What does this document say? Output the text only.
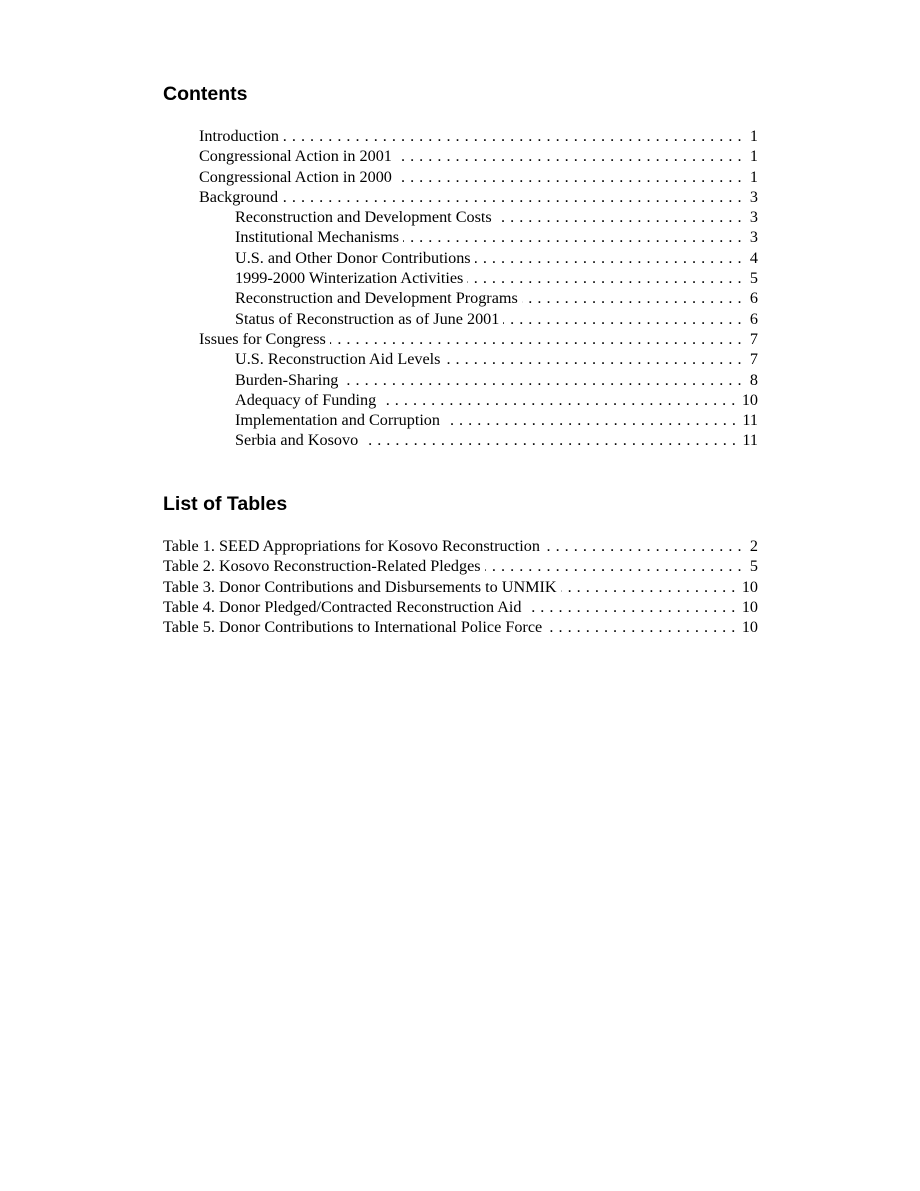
Contents
Introduction . . .	1
Congressional Action in 2001 . . .	1
Congressional Action in 2000 . . .	1
Background . . .	3
Reconstruction and Development Costs . . .	3
Institutional Mechanisms . . .	3
U.S. and Other Donor Contributions . . .	4
1999-2000 Winterization Activities . . .	5
Reconstruction and Development Programs . . .	6
Status of Reconstruction as of June 2001 . . .	6
Issues for Congress . . .	7
U.S. Reconstruction Aid Levels . . .	7
Burden-Sharing . . .	8
Adequacy of Funding . . .	10
Implementation and Corruption . . .	11
Serbia and Kosovo . . .	11
List of Tables
Table 1. SEED Appropriations for Kosovo Reconstruction . . .	2
Table 2. Kosovo Reconstruction-Related Pledges . . .	5
Table 3. Donor Contributions and Disbursements to UNMIK . . .	10
Table 4. Donor Pledged/Contracted Reconstruction Aid . . .	10
Table 5. Donor Contributions to International Police Force . . .	10
